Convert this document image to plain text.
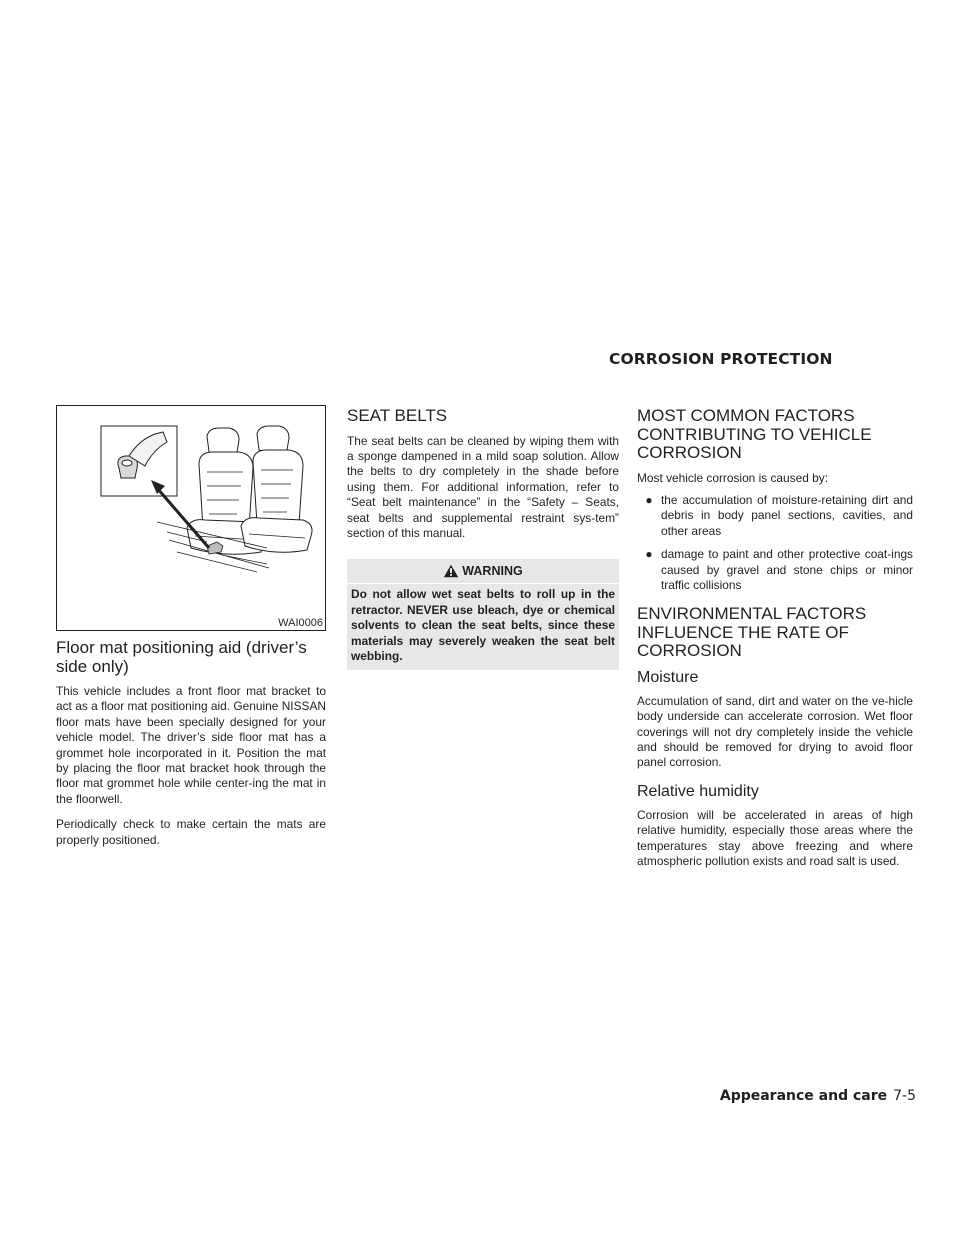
CORROSION PROTECTION
WAI0006
Floor mat positioning aid (driver’s side only)

This vehicle includes a front floor mat bracket to act as a floor mat positioning aid. Genuine NISSAN floor mats have been specially designed for your vehicle model. The driver’s side floor mat has a grommet hole incorporated in it. Position the mat by placing the floor mat bracket hook through the floor mat grommet hole while center-ing the mat in the floorwell.

Periodically check to make certain the mats are properly positioned.

SEAT BELTS

The seat belts can be cleaned by wiping them with a sponge dampened in a mild soap solution. Allow the belts to dry completely in the shade before using them. For additional information, refer to “Seat belt maintenance” in the “Safety – Seats, seat belts and supplemental restraint sys-tem” section of this manual.

WARNING
Do not allow wet seat belts to roll up in the retractor. NEVER use bleach, dye or chemical solvents to clean the seat belts, since these materials may severely weaken the seat belt webbing.
MOST COMMON FACTORS CONTRIBUTING TO VEHICLE CORROSION

Most vehicle corrosion is caused by:

● the accumulation of moisture-retaining dirt and debris in body panel sections, cavities, and other areas
● damage to paint and other protective coat-ings caused by gravel and stone chips or minor traffic collisions
ENVIRONMENTAL FACTORS INFLUENCE THE RATE OF CORROSION
Moisture

Accumulation of sand, dirt and water on the ve-hicle body underside can accelerate corrosion. Wet floor coverings will not dry completely inside the vehicle and should be removed for drying to avoid floor panel corrosion.

Relative humidity

Corrosion will be accelerated in areas of high relative humidity, especially those areas where the temperatures stay above freezing and where atmospheric pollution exists and road salt is used.

Appearance and care 7-5
